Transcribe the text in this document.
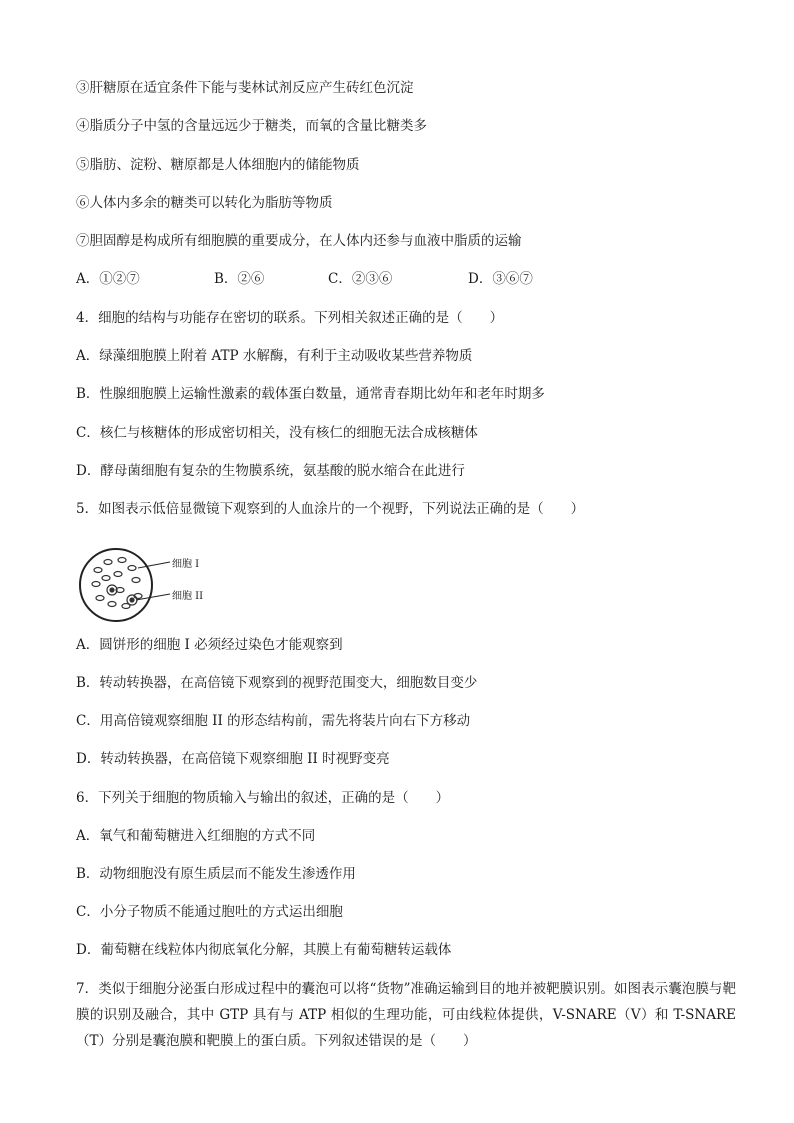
③肝糖原在适宜条件下能与斐林试剂反应产生砖红色沉淀
④脂质分子中氢的含量远远少于糖类，而氧的含量比糖类多
⑤脂肪、淀粉、糖原都是人体细胞内的储能物质
⑥人体内多余的糖类可以转化为脂肪等物质
⑦胆固醇是构成所有细胞膜的重要成分，在人体内还参与血液中脂质的运输
A．①②⑦	B．②⑥	C．②③⑥	D．③⑥⑦
4．细胞的结构与功能存在密切的联系。下列相关叙述正确的是（　　）
A．绿藻细胞膜上附着 ATP 水解酶，有利于主动吸收某些营养物质
B．性腺细胞膜上运输性激素的载体蛋白数量，通常青春期比幼年和老年时期多
C．核仁与核糖体的形成密切相关，没有核仁的细胞无法合成核糖体
D．酵母菌细胞有复杂的生物膜系统，氨基酸的脱水缩合在此进行
5．如图表示低倍显微镜下观察到的人血涂片的一个视野，下列说法正确的是（　　）
细胞 I
细胞 II
A．圆饼形的细胞 I 必须经过染色才能观察到
B．转动转换器，在高倍镜下观察到的视野范围变大，细胞数目变少
C．用高倍镜观察细胞 II 的形态结构前，需先将装片向右下方移动
D．转动转换器，在高倍镜下观察细胞 II 时视野变亮
6．下列关于细胞的物质输入与输出的叙述，正确的是（　　）
A．氧气和葡萄糖进入红细胞的方式不同
B．动物细胞没有原生质层而不能发生渗透作用
C．小分子物质不能通过胞吐的方式运出细胞
D．葡萄糖在线粒体内彻底氧化分解，其膜上有葡萄糖转运载体
7．类似于细胞分泌蛋白形成过程中的囊泡可以将“货物”准确运输到目的地并被靶膜识别。如图表示囊泡膜与靶膜的识别及融合，其中 GTP 具有与 ATP 相似的生理功能，可由线粒体提供，V-SNARE（V）和 T-SNARE（T）分别是囊泡膜和靶膜上的蛋白质。下列叙述错误的是（　　）
